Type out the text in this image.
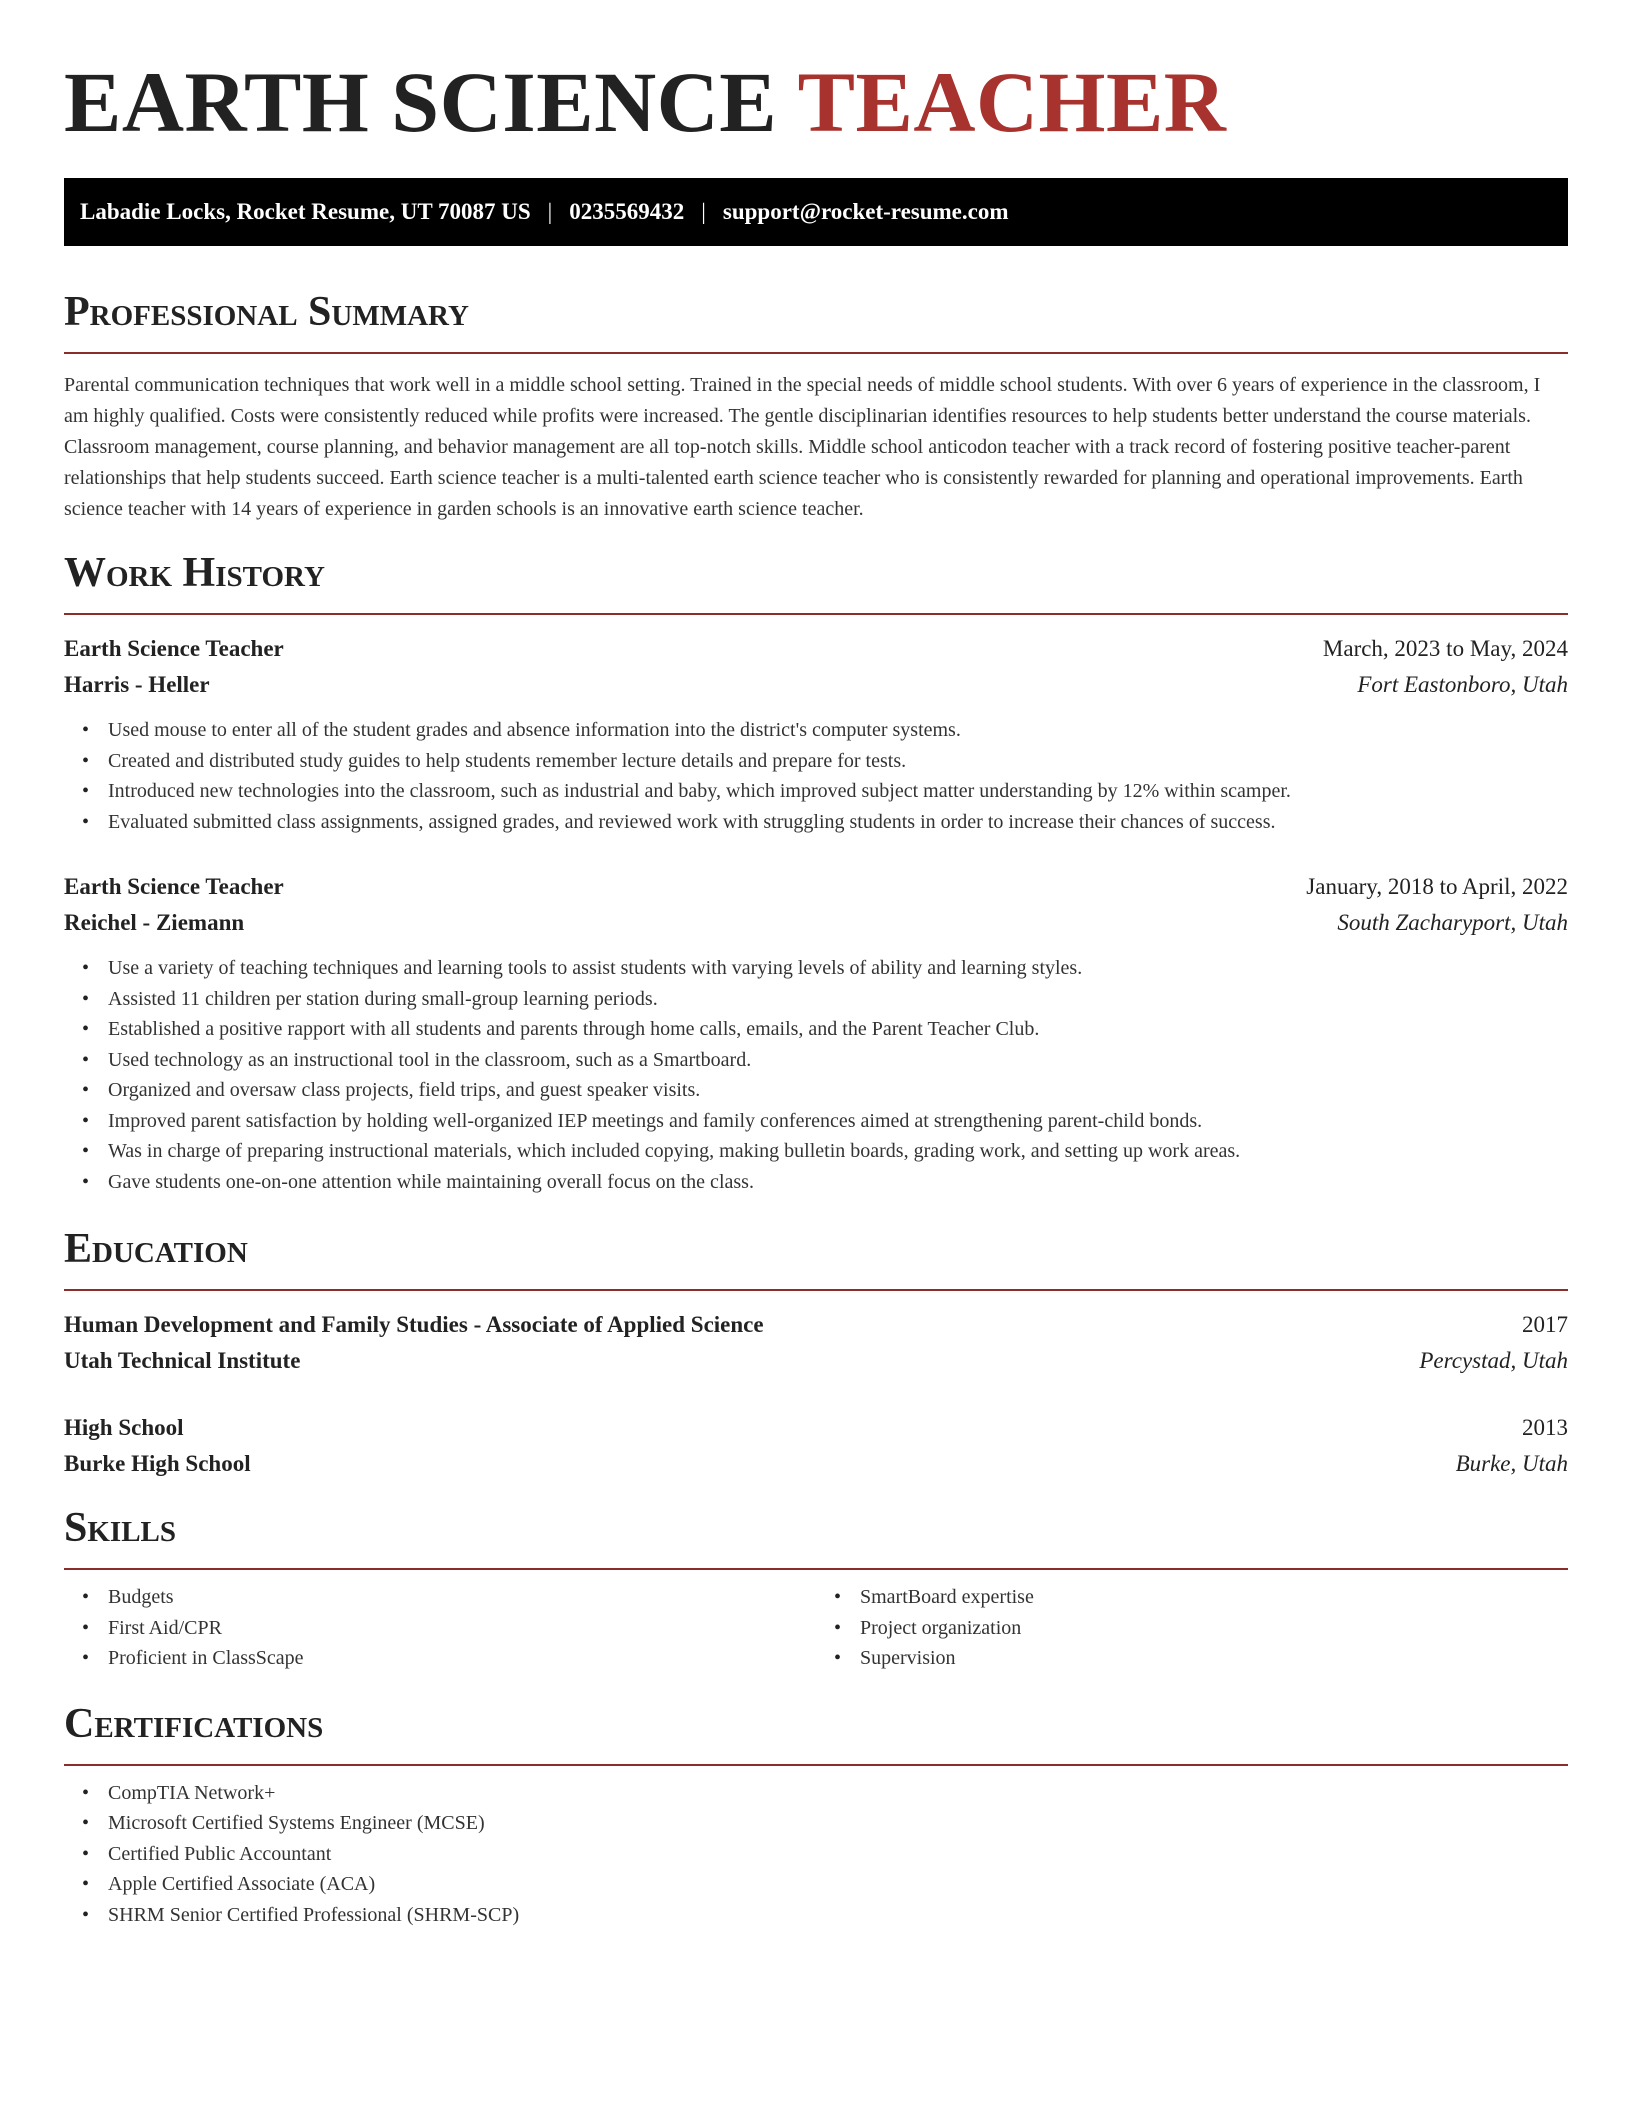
EARTH SCIENCE TEACHER
Labadie Locks, Rocket Resume, UT 70087 US | 0235569432 | support@rocket-resume.com
Professional Summary

Parental communication techniques that work well in a middle school setting. Trained in the special needs of middle school students. With over 6 years of experience in the classroom, I am highly qualified. Costs were consistently reduced while profits were increased. The gentle disciplinarian identifies resources to help students better understand the course materials. Classroom management, course planning, and behavior management are all top-notch skills. Middle school anticodon teacher with a track record of fostering positive teacher-parent relationships that help students succeed. Earth science teacher is a multi-talented earth science teacher who is consistently rewarded for planning and operational improvements. Earth science teacher with 14 years of experience in garden schools is an innovative earth science teacher.

Work History
Earth Science Teacher	March, 2023 to May, 2024
Harris - Heller	Fort Eastonboro, Utah
• Used mouse to enter all of the student grades and absence information into the district's computer systems.
• Created and distributed study guides to help students remember lecture details and prepare for tests.
• Introduced new technologies into the classroom, such as industrial and baby, which improved subject matter understanding by 12% within scamper.
• Evaluated submitted class assignments, assigned grades, and reviewed work with struggling students in order to increase their chances of success.
Earth Science Teacher	January, 2018 to April, 2022
Reichel - Ziemann	South Zacharyport, Utah
• Use a variety of teaching techniques and learning tools to assist students with varying levels of ability and learning styles.
• Assisted 11 children per station during small-group learning periods.
• Established a positive rapport with all students and parents through home calls, emails, and the Parent Teacher Club.
• Used technology as an instructional tool in the classroom, such as a Smartboard.
• Organized and oversaw class projects, field trips, and guest speaker visits.
• Improved parent satisfaction by holding well-organized IEP meetings and family conferences aimed at strengthening parent-child bonds.
• Was in charge of preparing instructional materials, which included copying, making bulletin boards, grading work, and setting up work areas.
• Gave students one-on-one attention while maintaining overall focus on the class.
Education
Human Development and Family Studies - Associate of Applied Science	2017
Utah Technical Institute	Percystad, Utah
High School	2013
Burke High School	Burke, Utah
Skills
• Budgets
• First Aid/CPR
• Proficient in ClassScape
• SmartBoard expertise
• Project organization
• Supervision
Certifications
• CompTIA Network+
• Microsoft Certified Systems Engineer (MCSE)
• Certified Public Accountant
• Apple Certified Associate (ACA)
• SHRM Senior Certified Professional (SHRM-SCP)
